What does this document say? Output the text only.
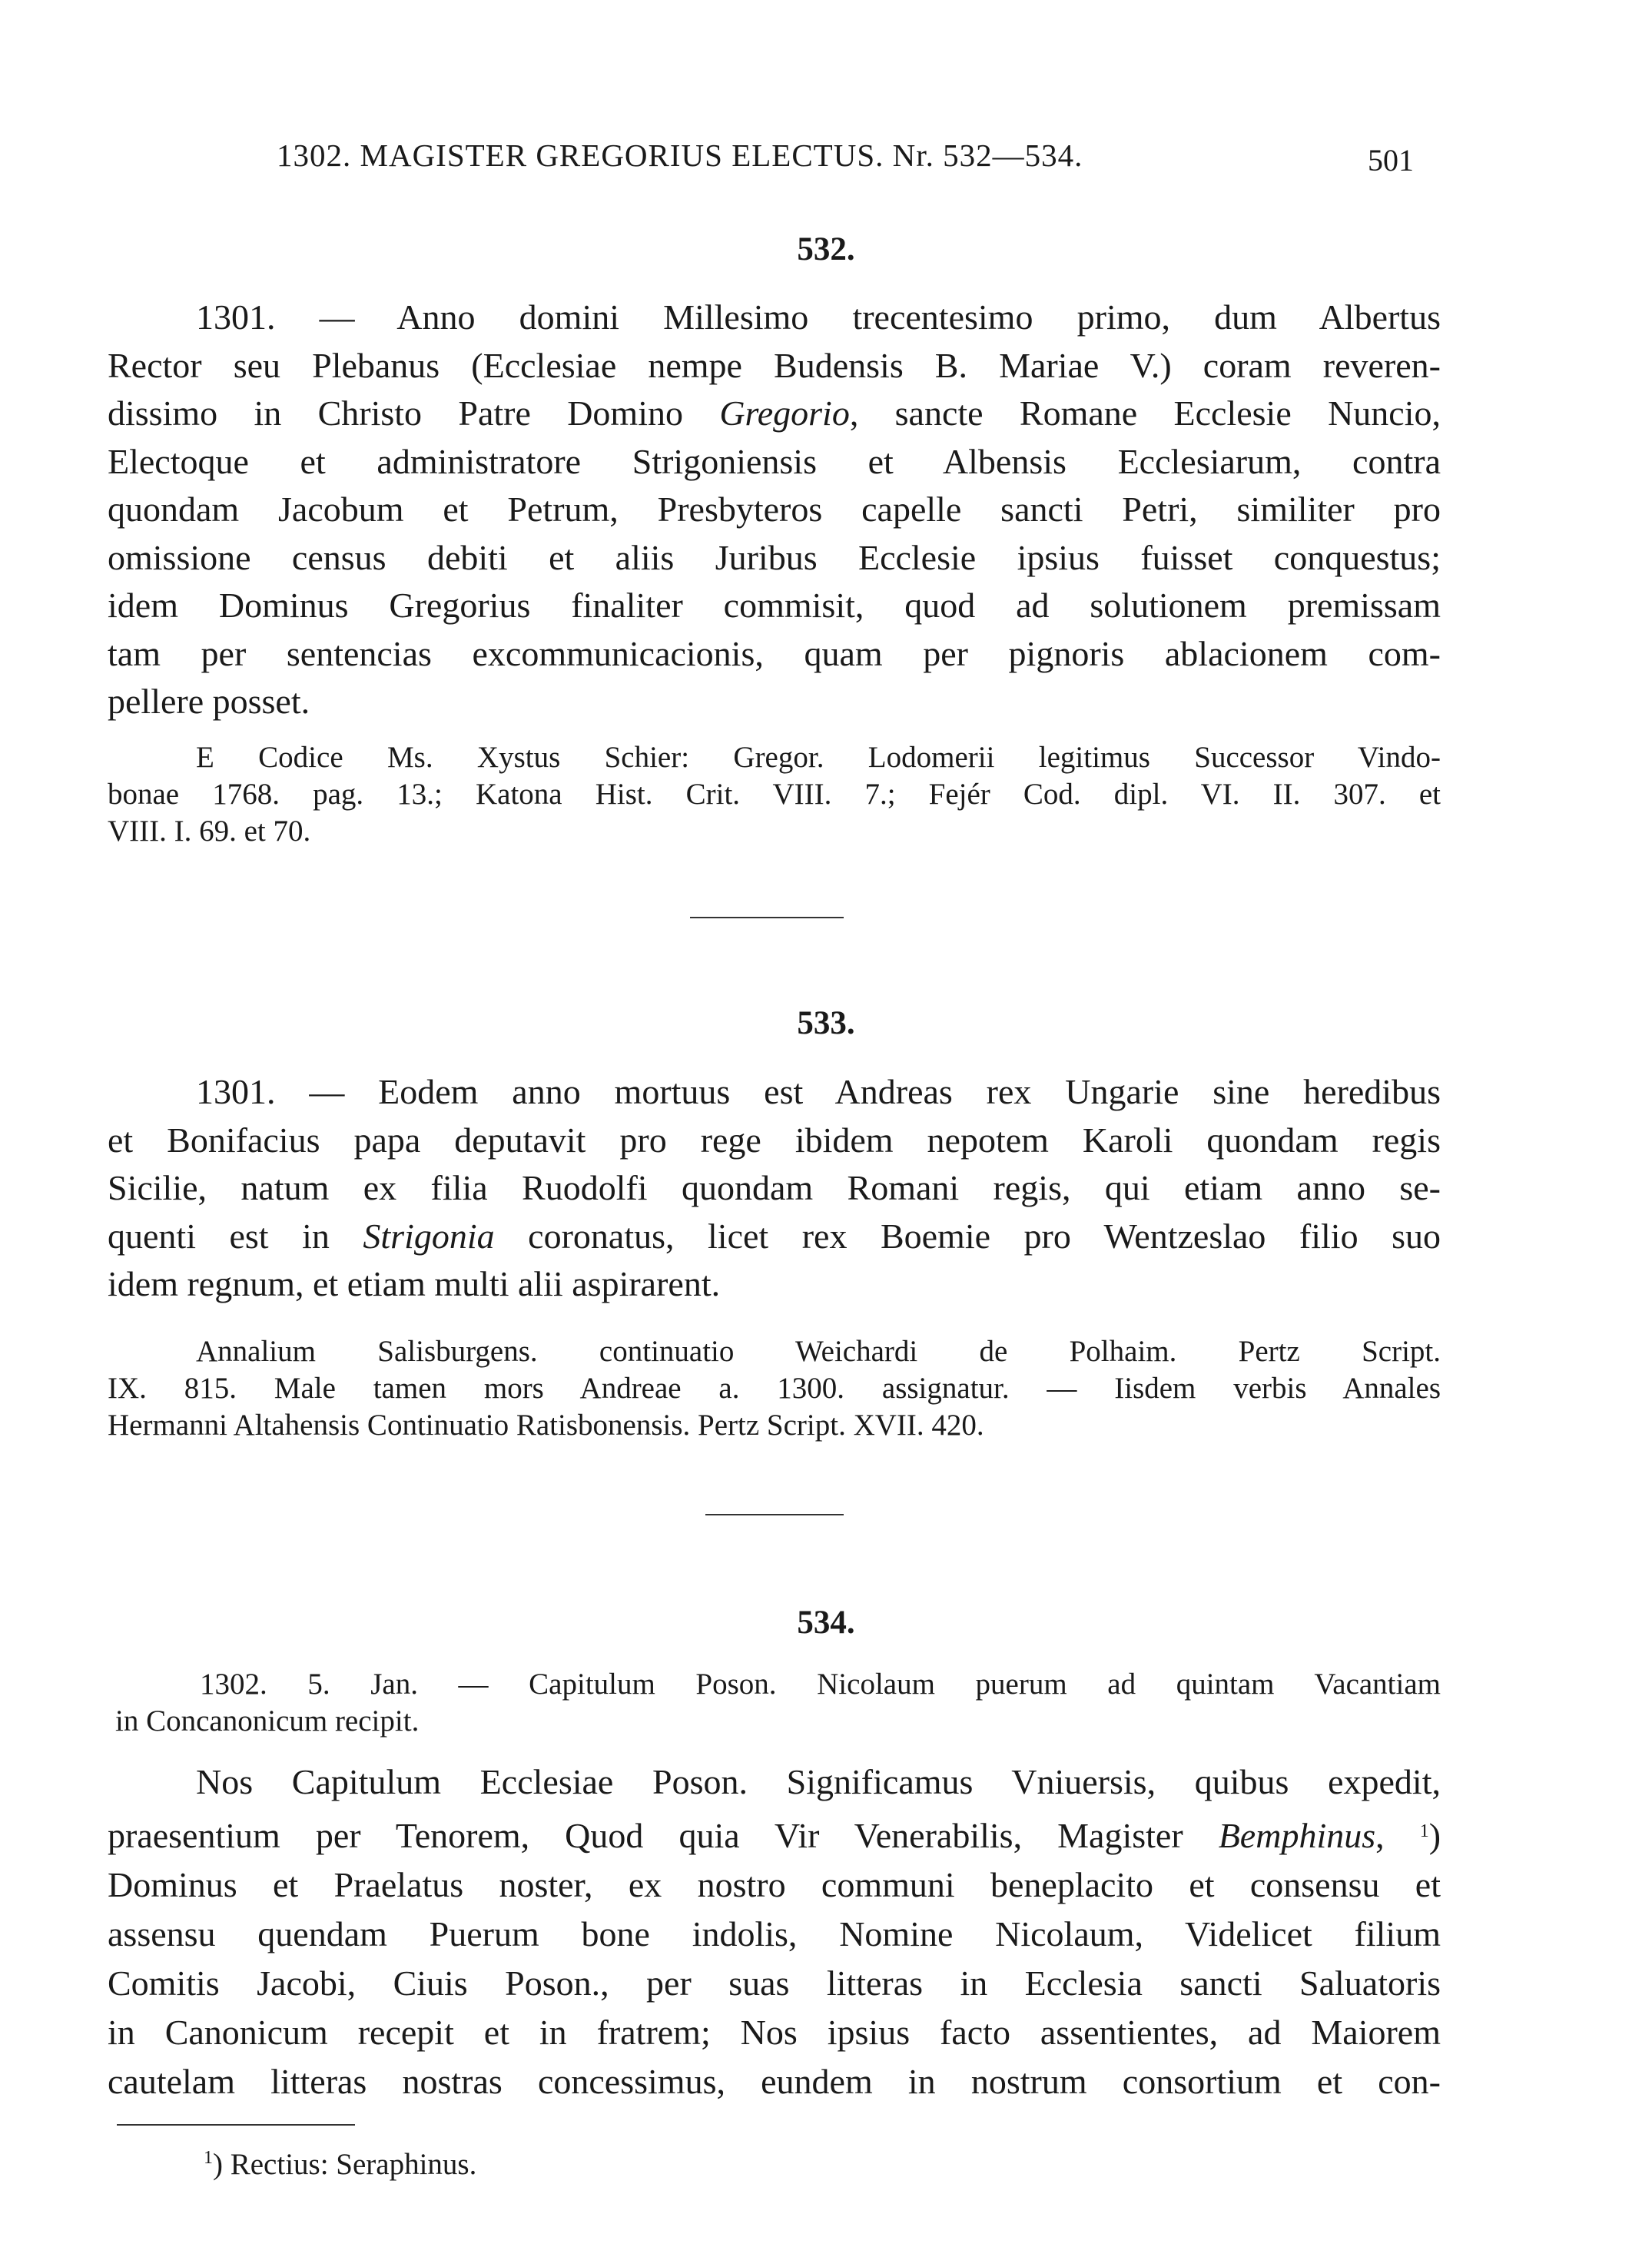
1302. MAGISTER GREGORIUS ELECTUS. Nr. 532—534.	501
532.
1301. — Anno domini Millesimo trecentesimo primo, dum Albertus
Rector seu Plebanus (Ecclesiae nempe Budensis B. Mariae V.) coram reveren-
dissimo in Christo Patre Domino Gregorio, sancte Romane Ecclesie Nuncio,
Electoque et administratore Strigoniensis et Albensis Ecclesiarum, contra
quondam Jacobum et Petrum, Presbyteros capelle sancti Petri, similiter pro
omissione census debiti et aliis Juribus Ecclesie ipsius fuisset conquestus;
idem Dominus Gregorius finaliter commisit, quod ad solutionem premissam
tam per sentencias excommunicacionis, quam per pignoris ablacionem com-
pellere posset.
E Codice Ms. Xystus Schier: Gregor. Lodomerii legitimus Successor Vindo-
bonae 1768. pag. 13.; Katona Hist. Crit. VIII. 7.; Fejér Cod. dipl. VI. II. 307. et
VIII. I. 69. et 70.
533.
1301. — Eodem anno mortuus est Andreas rex Ungarie sine heredibus
et Bonifacius papa deputavit pro rege ibidem nepotem Karoli quondam regis
Sicilie, natum ex filia Ruodolfi quondam Romani regis, qui etiam anno se-
quenti est in Strigonia coronatus, licet rex Boemie pro Wentzeslao filio suo
idem regnum, et etiam multi alii aspirarent.
Annalium Salisburgens. continuatio Weichardi de Polhaim. Pertz Script.
IX. 815. Male tamen mors Andreae a. 1300. assignatur. — Iisdem verbis Annales
Hermanni Altahensis Continuatio Ratisbonensis. Pertz Script. XVII. 420.
534.
1302. 5. Jan. — Capitulum Poson. Nicolaum puerum ad quintam Vacantiam
in Concanonicum recipit.
Nos Capitulum Ecclesiae Poson. Significamus Vniuersis, quibus expedit,
praesentium per Tenorem, Quod quia Vir Venerabilis, Magister Bemphinus, $^1$)
Dominus et Praelatus noster, ex nostro communi beneplacito et consensu et
assensu quendam Puerum bone indolis, Nomine Nicolaum, Videlicet filium
Comitis Jacobi, Ciuis Poson., per suas litteras in Ecclesia sancti Saluatoris
in Canonicum recepit et in fratrem; Nos ipsius facto assentientes, ad Maiorem
cautelam litteras nostras concessimus, eundem in nostrum consortium et con-
$^1$) Rectius: Seraphinus.
